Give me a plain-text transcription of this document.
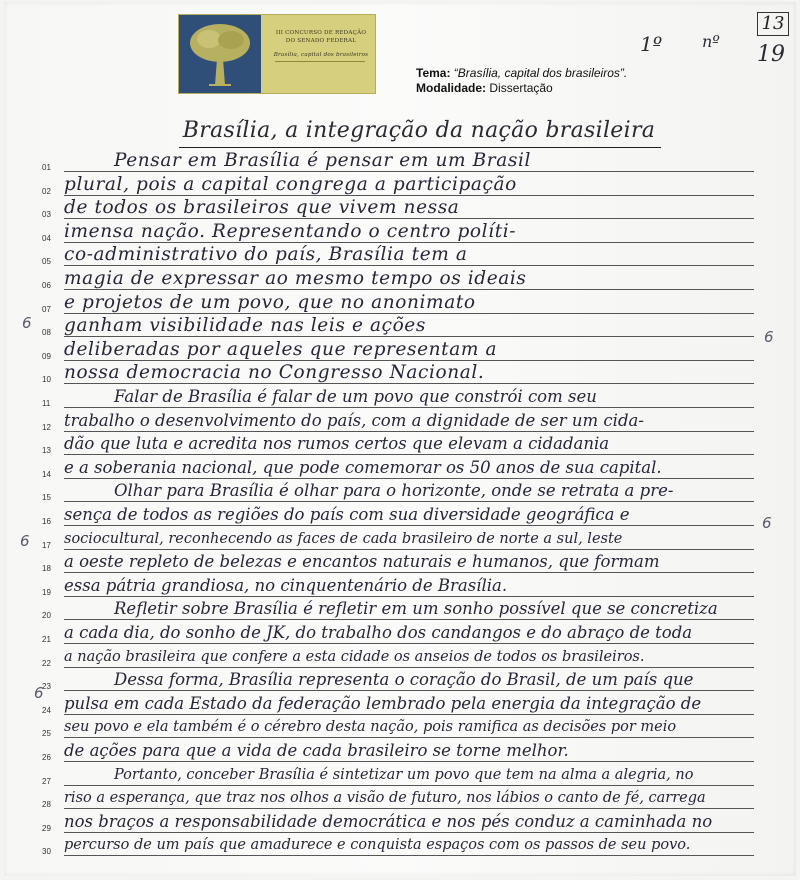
III CONCURSO DE REDAÇÃO
DO SENADO FEDERAL
Brasília, capital dos brasileiros
Tema: “Brasília, capital dos brasileiros”.
Modalidade: Dissertação
1º nº
13
19
Brasília, a integração da nação brasileira
01	Pensar em Brasília é pensar em um Brasil
02 plural, pois a capital congrega a participação
03 de todos os brasileiros que vivem nessa
04 imensa nação. Representando o centro políti-
05 co-administrativo do país, Brasília tem a
06 magia de expressar ao mesmo tempo os ideais
07 e projetos de um povo, que no anonimato
08 ganham visibilidade nas leis e ações
09 deliberadas por aqueles que representam a
10 nossa democracia no Congresso Nacional.
11	Falar de Brasília é falar de um povo que constrói com seu
12 trabalho o desenvolvimento do país, com a dignidade de ser um cida-
13 dão que luta e acredita nos rumos certos que elevam a cidadania
14 e a soberania nacional, que pode comemorar os 50 anos de sua capital.
15	Olhar para Brasília é olhar para o horizonte, onde se retrata a pre-
16 sença de todos as regiões do país com sua diversidade geográfica e
17 sociocultural, reconhecendo as faces de cada brasileiro de norte a sul, leste
18 a oeste repleto de belezas e encantos naturais e humanos, que formam
19 essa pátria grandiosa, no cinquentenário de Brasília.
20	Refletir sobre Brasília é refletir em um sonho possível que se concretiza
21 a cada dia, do sonho de JK, do trabalho dos candangos e do abraço de toda
22 a nação brasileira que confere a esta cidade os anseios de todos os brasileiros.
23	Dessa forma, Brasília representa o coração do Brasil, de um país que
24 pulsa em cada Estado da federação lembrado pela energia da integração de
25 seu povo e ela também é o cérebro desta nação, pois ramifica as decisões por meio
26 de ações para que a vida de cada brasileiro se torne melhor.
27	Portanto, conceber Brasília é sintetizar um povo que tem na alma a alegria, no
28 riso a esperança, que traz nos olhos a visão de futuro, nos lábios o canto de fé, carrega
29 nos braços a responsabilidade democrática e nos pés conduz a caminhada no
30 percurso de um país que amadurece e conquista espaços com os passos de seu povo.
6
6
6
6
6
